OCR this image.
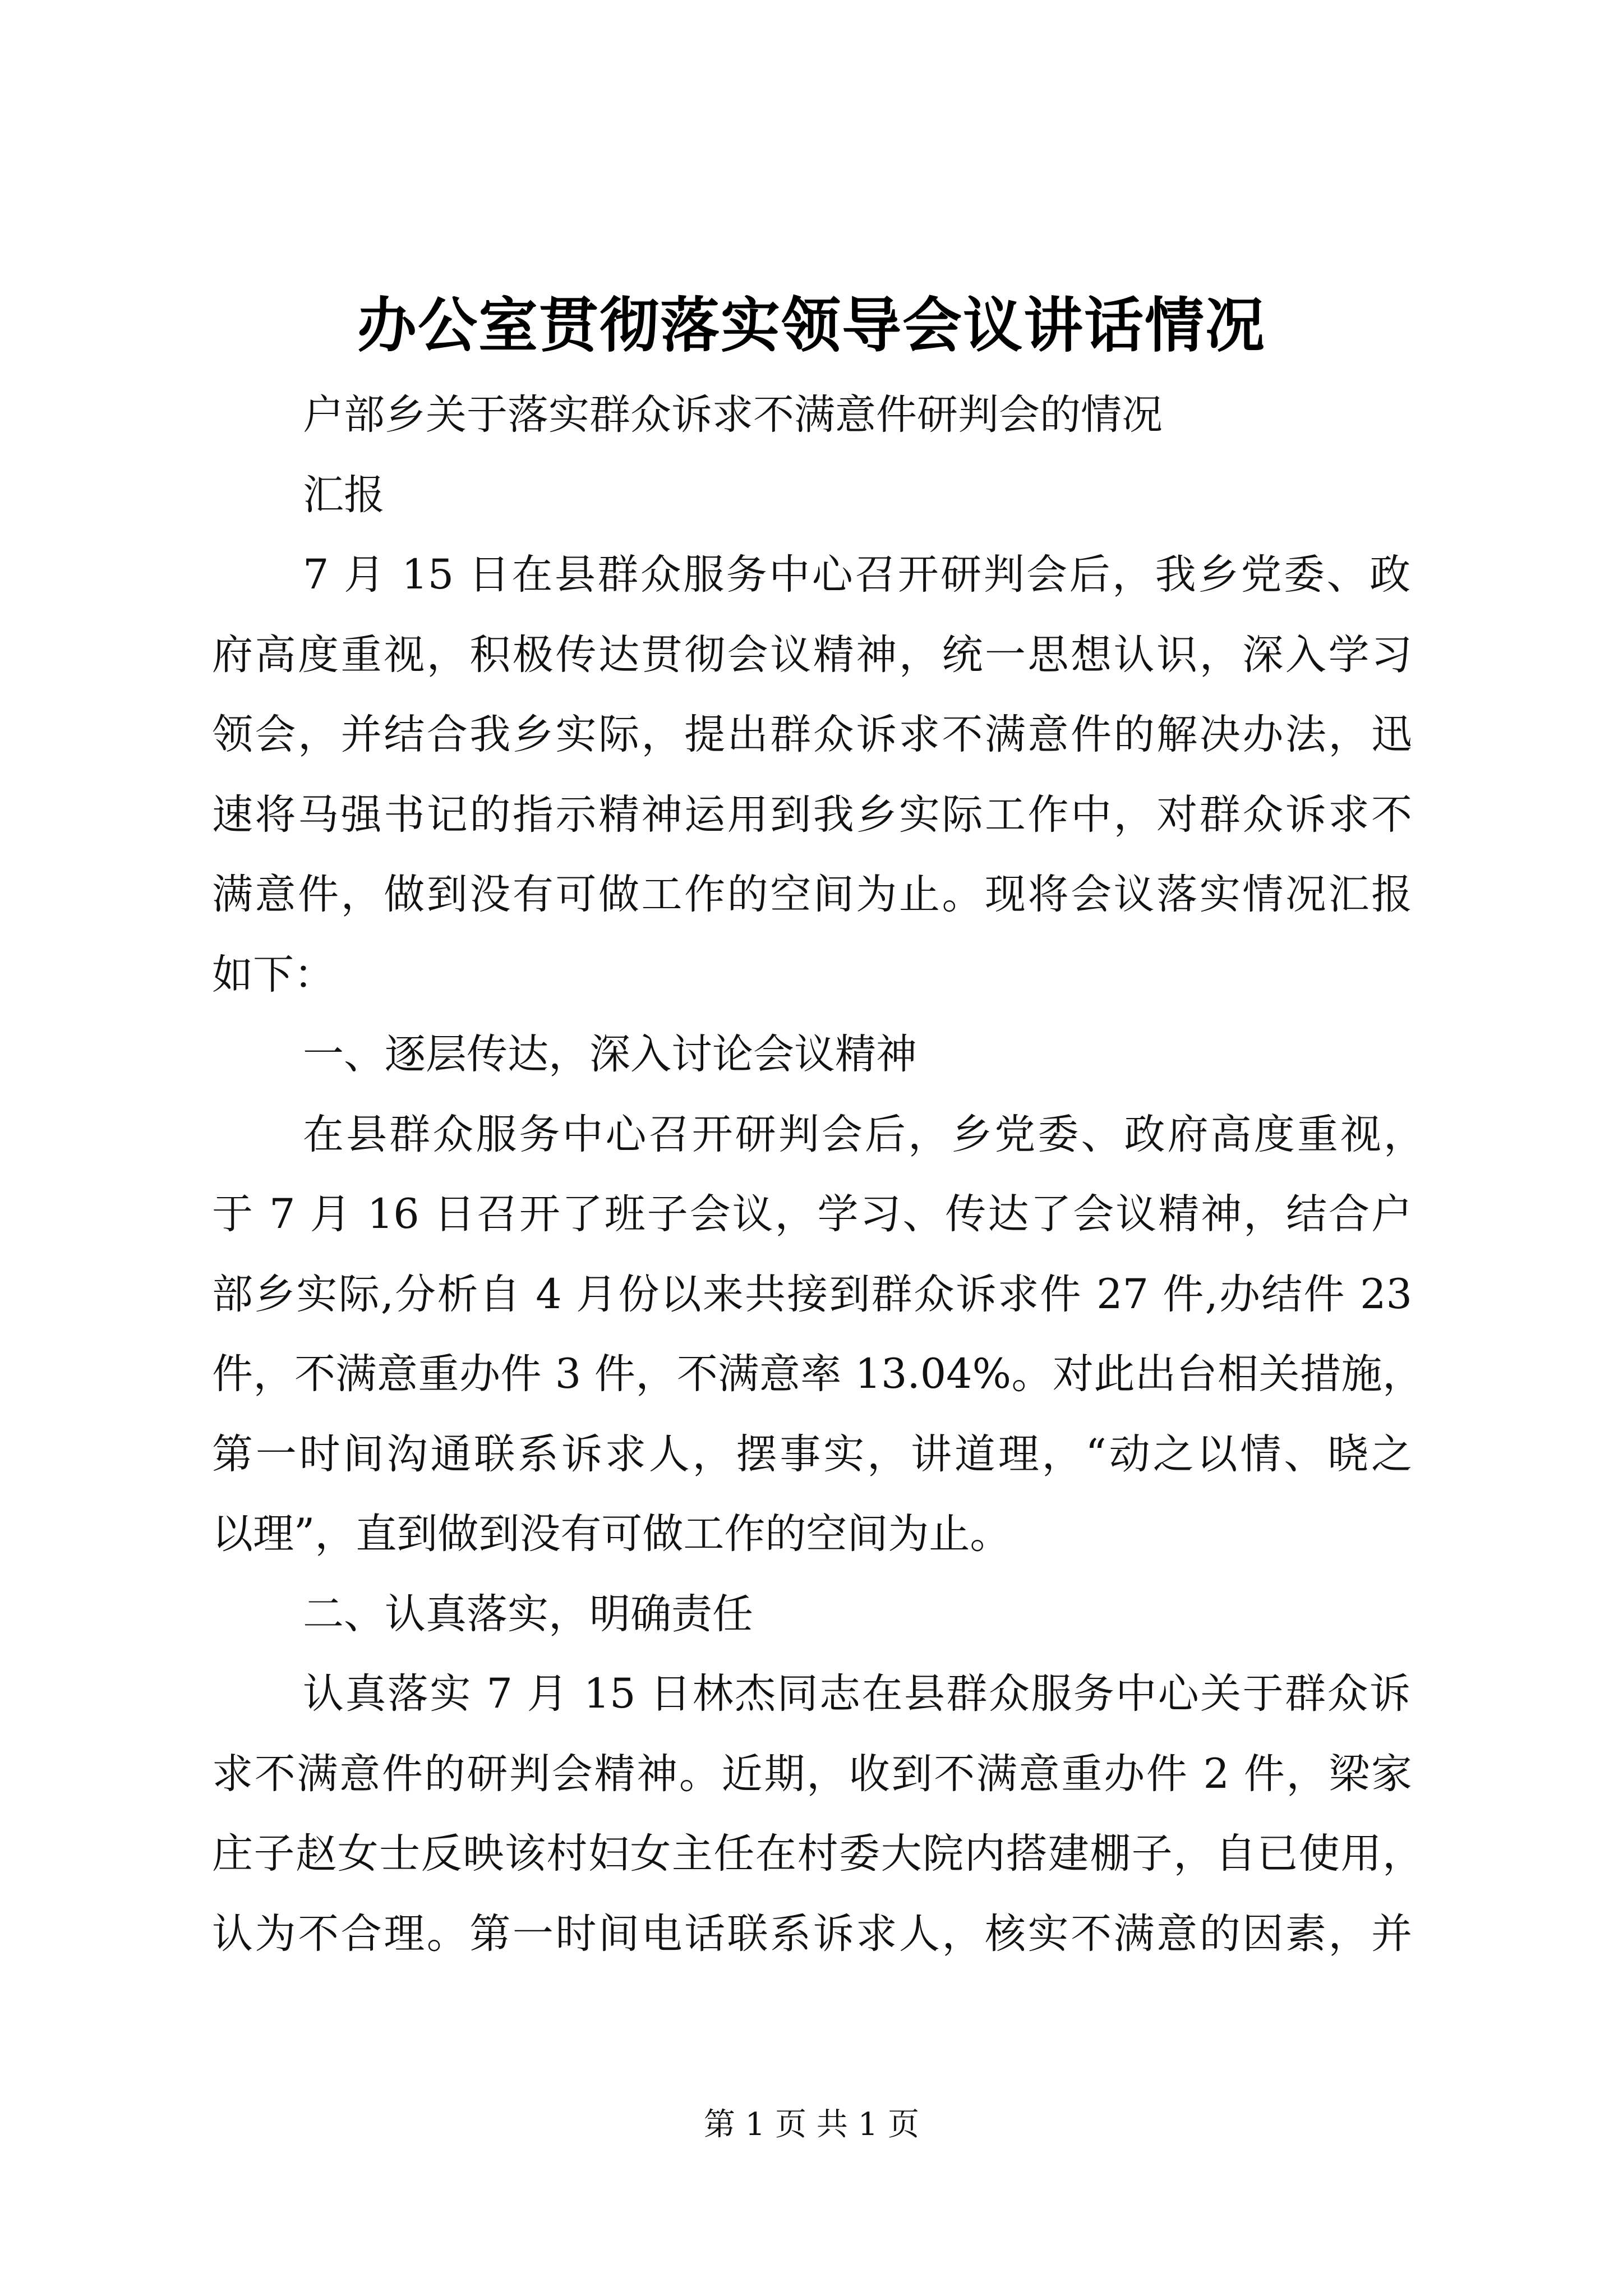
办公室贯彻落实领导会议讲话情况
户部乡关于落实群众诉求不满意件研判会的情况
汇报
7 月 15 日在县群众服务中心召开研判会后，我乡党委、政
府高度重视，积极传达贯彻会议精神，统一思想认识，深入学习
领会，并结合我乡实际，提出群众诉求不满意件的解决办法，迅
速将马强书记的指示精神运用到我乡实际工作中，对群众诉求不
满意件，做到没有可做工作的空间为止。现将会议落实情况汇报
如下：
一、逐层传达，深入讨论会议精神
在县群众服务中心召开研判会后，乡党委、政府高度重视，
于 7 月 16 日召开了班子会议，学习、传达了会议精神，结合户
部乡实际,分析自 4 月份以来共接到群众诉求件 27 件,办结件 23
件，不满意重办件 3 件，不满意率 13.04%。对此出台相关措施，
第一时间沟通联系诉求人，摆事实，讲道理，“动之以情、晓之
以理”，直到做到没有可做工作的空间为止。
二、认真落实，明确责任
认真落实 7 月 15 日林杰同志在县群众服务中心关于群众诉
求不满意件的研判会精神。近期，收到不满意重办件 2 件，梁家
庄子赵女士反映该村妇女主任在村委大院内搭建棚子，自已使用，
认为不合理。第一时间电话联系诉求人，核实不满意的因素，并
第 1 页 共 1 页
